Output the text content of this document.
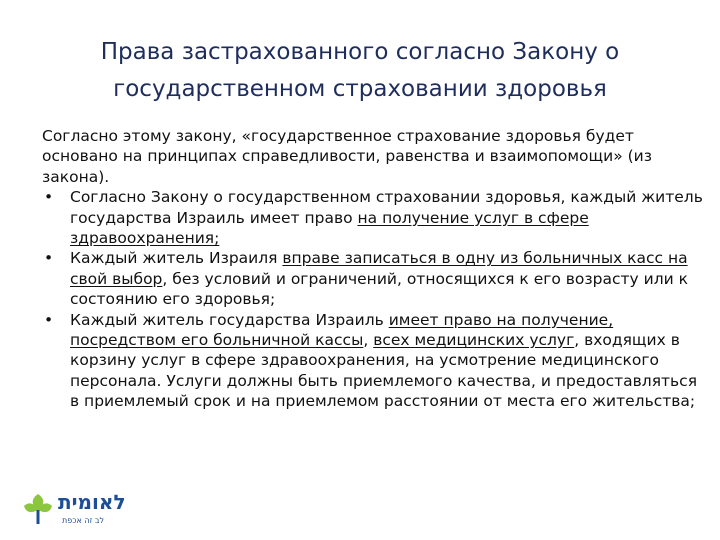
Права застрахованного согласно Закону о
государственном страховании здоровья

Согласно этому закону, «государственное страхование здоровья будет основано на принципах справедливости, равенства и взаимопомощи» (из закона).

• Согласно Закону о государственном страховании здоровья, каждый житель государства Израиль имеет право на получение услуг в сфере здравоохранения;
• Каждый житель Израиля вправе записаться в одну из больничных касс на свой выбор, без условий и ограничений, относящихся к его возрасту или к состоянию его здоровья;
• Каждый житель государства Израиль имеет право на получение, посредством его больничной кассы, всех медицинских услуг, входящих в корзину услуг в сфере здравоохранения, на усмотрение медицинского персонала. Услуги должны быть приемлемого качества, и предоставляться в приемлемый срок и на приемлемом расстоянии от места его жительства;
לאומית
לב זה אכפת
